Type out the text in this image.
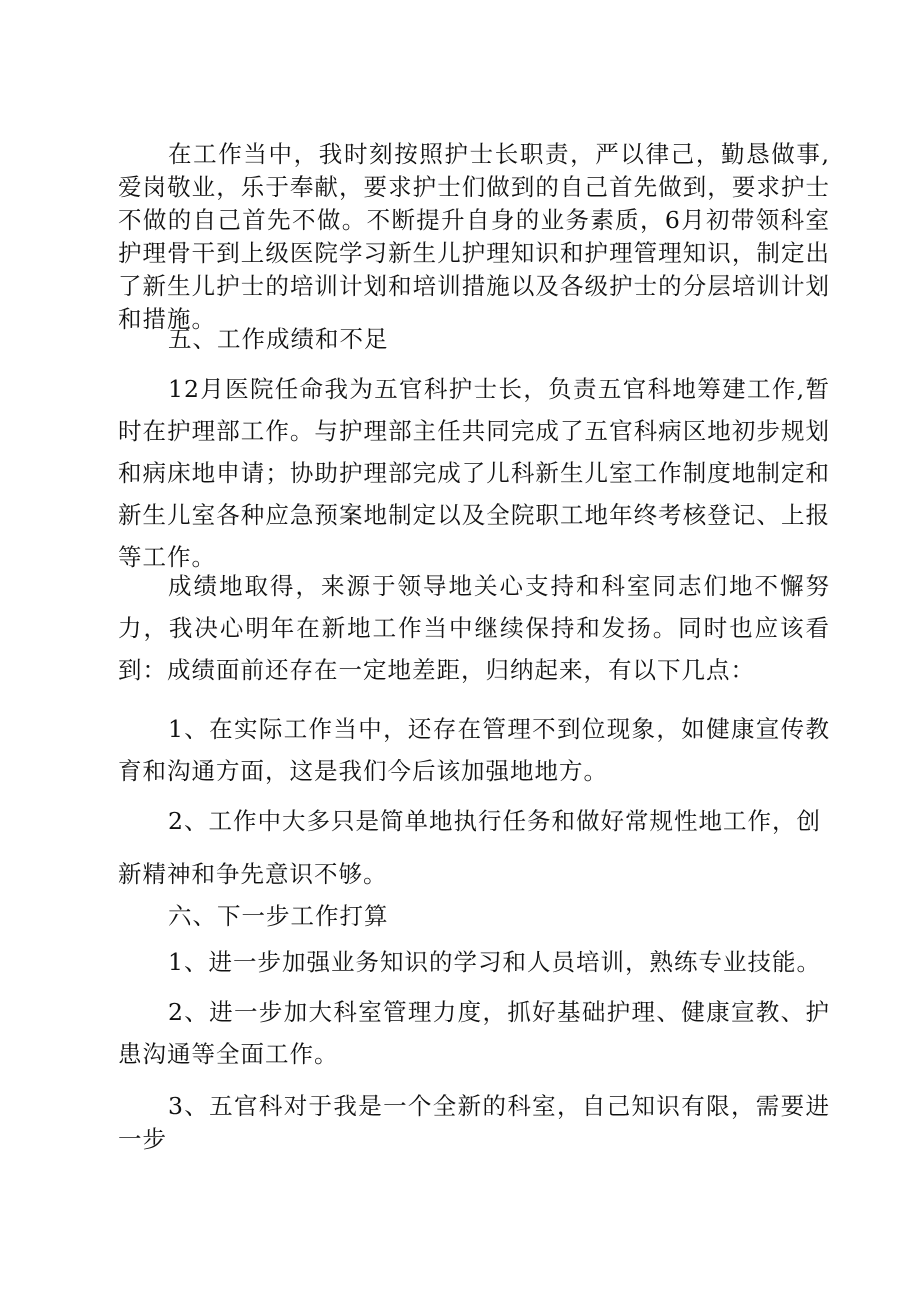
在工作当中，我时刻按照护士长职责，严以律己，勤恳做事,爱岗敬业，乐于奉献，要求护士们做到的自己首先做到，要求护士不做的自己首先不做。不断提升自身的业务素质，6月初带领科室护理骨干到上级医院学习新生儿护理知识和护理管理知识，制定出了新生儿护士的培训计划和培训措施以及各级护士的分层培训计划和措施。

五、工作成绩和不足

12月医院任命我为五官科护士长，负责五官科地筹建工作,暂时在护理部工作。与护理部主任共同完成了五官科病区地初步规划和病床地申请；协助护理部完成了儿科新生儿室工作制度地制定和新生儿室各种应急预案地制定以及全院职工地年终考核登记、上报等工作。

成绩地取得，来源于领导地关心支持和科室同志们地不懈努力，我决心明年在新地工作当中继续保持和发扬。同时也应该看到：成绩面前还存在一定地差距，归纳起来，有以下几点：

1、在实际工作当中，还存在管理不到位现象，如健康宣传教育和沟通方面，这是我们今后该加强地地方。

2、工作中大多只是简单地执行任务和做好常规性地工作，创

新精神和争先意识不够。

六、下一步工作打算

1、进一步加强业务知识的学习和人员培训，熟练专业技能。

2、进一步加大科室管理力度，抓好基础护理、健康宣教、护患沟通等全面工作。

3、五官科对于我是一个全新的科室，自己知识有限，需要进一步
